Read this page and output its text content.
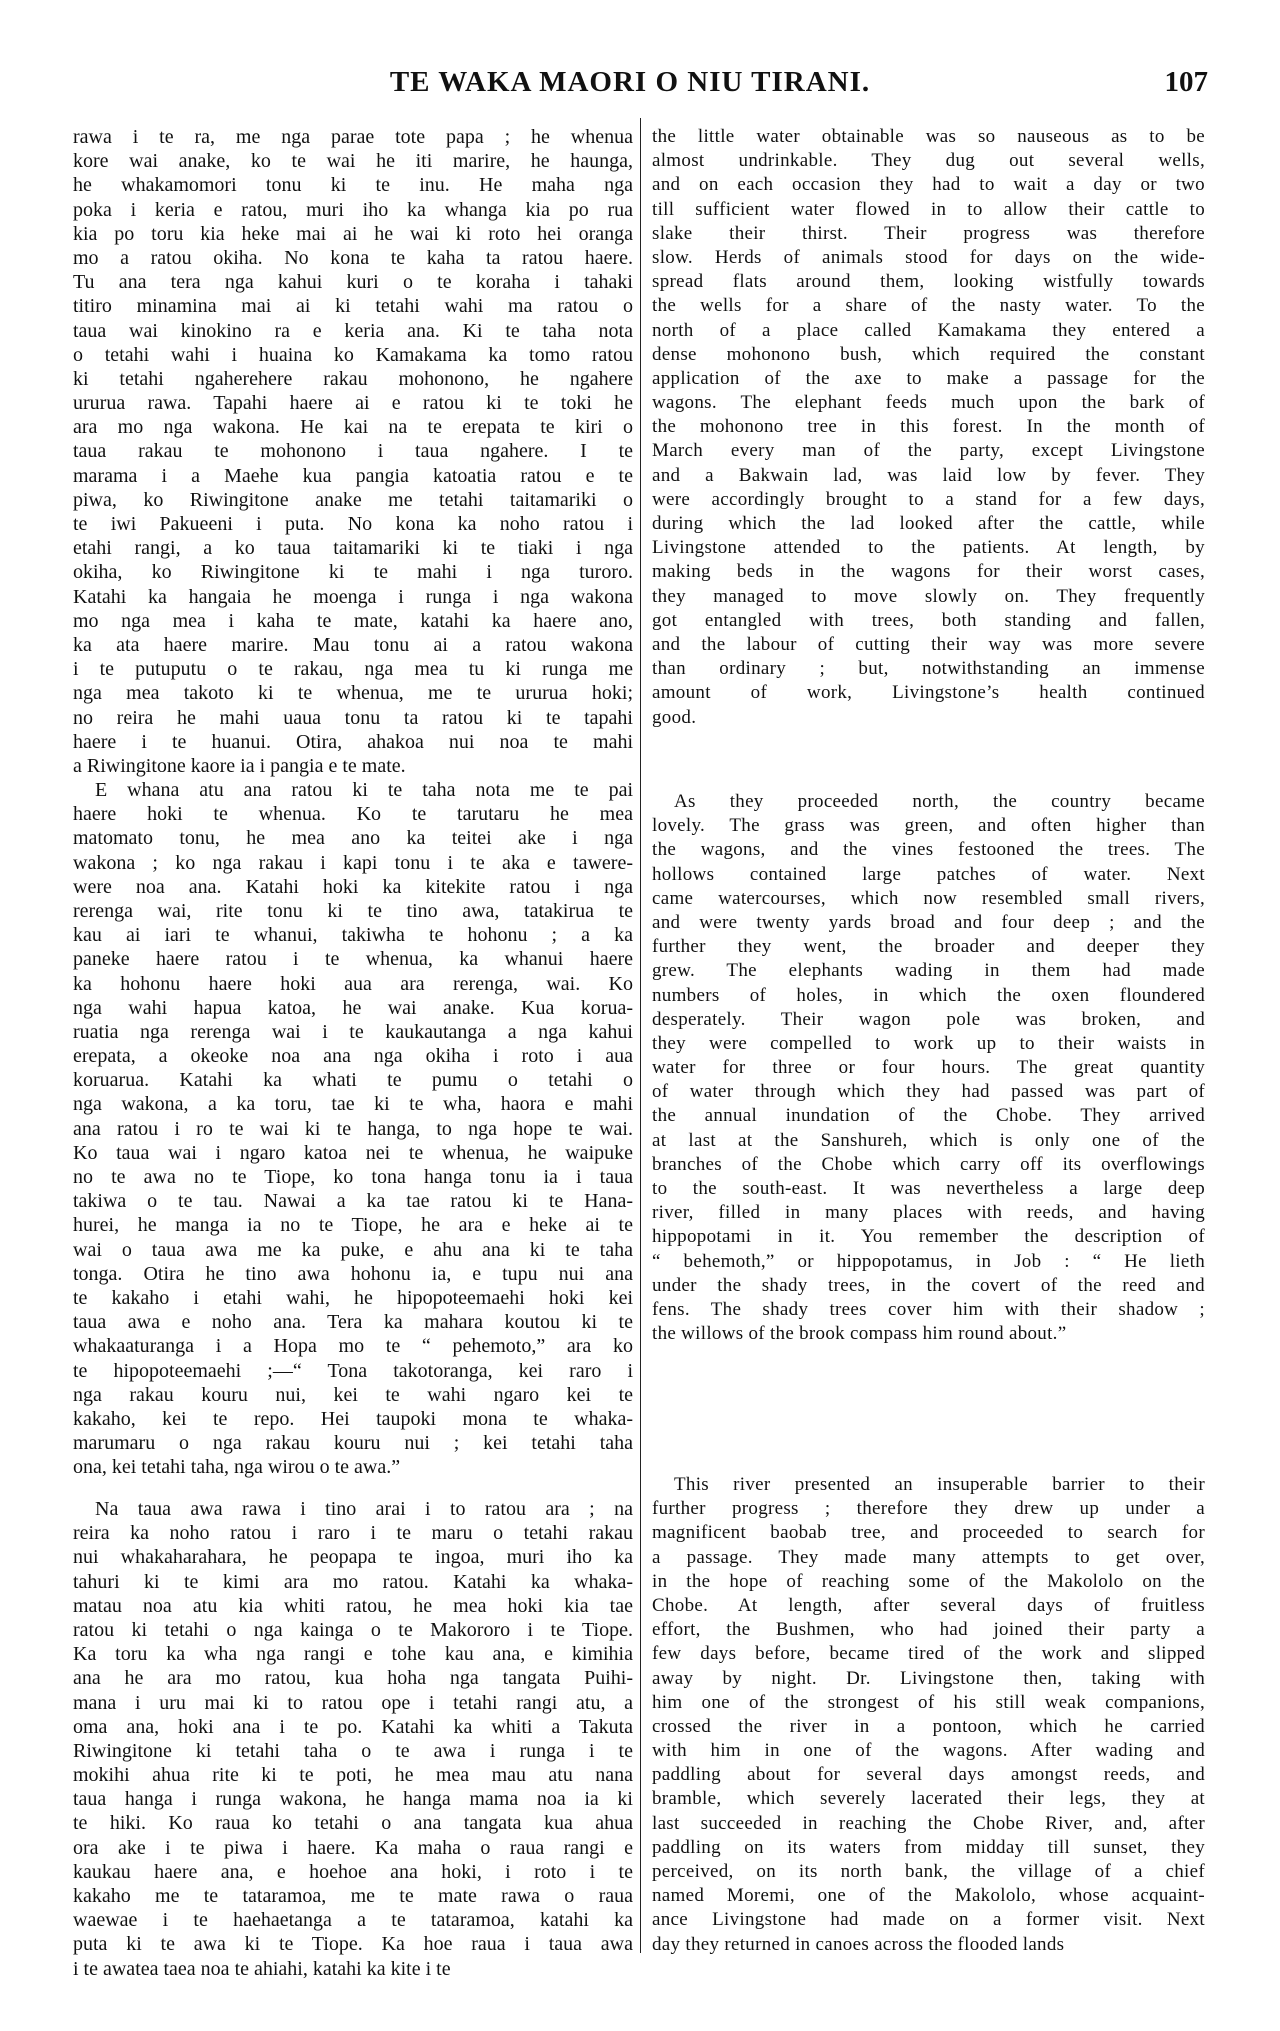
TE WAKA MAORI O NIU TIRANI.	107
rawa i te ra, me nga parae tote papa ; he whenua
kore wai anake, ko te wai he iti marire, he haunga,
he whakamomori tonu ki te inu. He maha nga
poka i keria e ratou, muri iho ka whanga kia po rua
kia po toru kia heke mai ai he wai ki roto hei oranga
mo a ratou okiha. No kona te kaha ta ratou haere.
Tu ana tera nga kahui kuri o te koraha i tahaki
titiro minamina mai ai ki tetahi wahi ma ratou o
taua wai kinokino ra e keria ana. Ki te taha nota
o tetahi wahi i huaina ko Kamakama ka tomo ratou
ki tetahi ngaherehere rakau mohonono, he ngahere
ururua rawa. Tapahi haere ai e ratou ki te toki he
ara mo nga wakona. He kai na te erepata te kiri o
taua rakau te mohonono i taua ngahere. I te
marama i a Maehe kua pangia katoatia ratou e te
piwa, ko Riwingitone anake me tetahi taitamariki o
te iwi Pakueeni i puta. No kona ka noho ratou i
etahi rangi, a ko taua taitamariki ki te tiaki i nga
okiha, ko Riwingitone ki te mahi i nga turoro.
Katahi ka hangaia he moenga i runga i nga wakona
mo nga mea i kaha te mate, katahi ka haere ano,
ka ata haere marire. Mau tonu ai a ratou wakona
i te putuputu o te rakau, nga mea tu ki runga me
nga mea takoto ki te whenua, me te ururua hoki;
no reira he mahi uaua tonu ta ratou ki te tapahi
haere i te huanui. Otira, ahakoa nui noa te mahi
a Riwingitone kaore ia i pangia e te mate.
E whana atu ana ratou ki te taha nota me te pai
haere hoki te whenua. Ko te tarutaru he mea
matomato tonu, he mea ano ka teitei ake i nga
wakona ; ko nga rakau i kapi tonu i te aka e tawere-
were noa ana. Katahi hoki ka kitekite ratou i nga
rerenga wai, rite tonu ki te tino awa, tatakirua te
kau ai iari te whanui, takiwha te hohonu ; a ka
paneke haere ratou i te whenua, ka whanui haere
ka hohonu haere hoki aua ara rerenga, wai. Ko
nga wahi hapua katoa, he wai anake. Kua korua-
ruatia nga rerenga wai i te kaukautanga a nga kahui
erepata, a okeoke noa ana nga okiha i roto i aua
koruarua. Katahi ka whati te pumu o tetahi o
nga wakona, a ka toru, tae ki te wha, haora e mahi
ana ratou i ro te wai ki te hanga, to nga hope te wai.
Ko taua wai i ngaro katoa nei te whenua, he waipuke
no te awa no te Tiope, ko tona hanga tonu ia i taua
takiwa o te tau. Nawai a ka tae ratou ki te Hana-
hurei, he manga ia no te Tiope, he ara e heke ai te
wai o taua awa me ka puke, e ahu ana ki te taha
tonga. Otira he tino awa hohonu ia, e tupu nui ana
te kakaho i etahi wahi, he hipopoteemaehi hoki kei
taua awa e noho ana. Tera ka mahara koutou ki te
whakaaturanga i a Hopa mo te “ pehemoto,” ara ko
te hipopoteemaehi ;—“ Tona takotoranga, kei raro i
nga rakau kouru nui, kei te wahi ngaro kei te
kakaho, kei te repo. Hei taupoki mona te whaka-
marumaru o nga rakau kouru nui ; kei tetahi taha
ona, kei tetahi taha, nga wirou o te awa.”
Na taua awa rawa i tino arai i to ratou ara ; na
reira ka noho ratou i raro i te maru o tetahi rakau
nui whakaharahara, he peopapa te ingoa, muri iho ka
tahuri ki te kimi ara mo ratou. Katahi ka whaka-
matau noa atu kia whiti ratou, he mea hoki kia tae
ratou ki tetahi o nga kainga o te Makororo i te Tiope.
Ka toru ka wha nga rangi e tohe kau ana, e kimihia
ana he ara mo ratou, kua hoha nga tangata Puihi-
mana i uru mai ki to ratou ope i tetahi rangi atu, a
oma ana, hoki ana i te po. Katahi ka whiti a Takuta
Riwingitone ki tetahi taha o te awa i runga i te
mokihi ahua rite ki te poti, he mea mau atu nana
taua hanga i runga wakona, he hanga mama noa ia ki
te hiki. Ko raua ko tetahi o ana tangata kua ahua
ora ake i te piwa i haere. Ka maha o raua rangi e
kaukau haere ana, e hoehoe ana hoki, i roto i te
kakaho me te tataramoa, me te mate rawa o raua
waewae i te haehaetanga a te tataramoa, katahi ka
puta ki te awa ki te Tiope. Ka hoe raua i taua awa
i te awatea taea noa te ahiahi, katahi ka kite i te
the little water obtainable was so nauseous as to be
almost undrinkable. They dug out several wells,
and on each occasion they had to wait a day or two
till sufficient water flowed in to allow their cattle to
slake their thirst. Their progress was therefore
slow. Herds of animals stood for days on the wide-
spread flats around them, looking wistfully towards
the wells for a share of the nasty water. To the
north of a place called Kamakama they entered a
dense mohonono bush, which required the constant
application of the axe to make a passage for the
wagons. The elephant feeds much upon the bark of
the mohonono tree in this forest. In the month of
March every man of the party, except Livingstone
and a Bakwain lad, was laid low by fever. They
were accordingly brought to a stand for a few days,
during which the lad looked after the cattle, while
Livingstone attended to the patients. At length, by
making beds in the wagons for their worst cases,
they managed to move slowly on. They frequently
got entangled with trees, both standing and fallen,
and the labour of cutting their way was more severe
than ordinary ; but, notwithstanding an immense
amount of work, Livingstone’s health continued
good.
As they proceeded north, the country became
lovely. The grass was green, and often higher than
the wagons, and the vines festooned the trees. The
hollows contained large patches of water. Next
came watercourses, which now resembled small rivers,
and were twenty yards broad and four deep ; and the
further they went, the broader and deeper they
grew. The elephants wading in them had made
numbers of holes, in which the oxen floundered
desperately. Their wagon pole was broken, and
they were compelled to work up to their waists in
water for three or four hours. The great quantity
of water through which they had passed was part of
the annual inundation of the Chobe. They arrived
at last at the Sanshureh, which is only one of the
branches of the Chobe which carry off its overflowings
to the south-east. It was nevertheless a large deep
river, filled in many places with reeds, and having
hippopotami in it. You remember the description of
“ behemoth,” or hippopotamus, in Job : “ He lieth
under the shady trees, in the covert of the reed and
fens. The shady trees cover him with their shadow ;
the willows of the brook compass him round about.”
This river presented an insuperable barrier to their
further progress ; therefore they drew up under a
magnificent baobab tree, and proceeded to search for
a passage. They made many attempts to get over,
in the hope of reaching some of the Makololo on the
Chobe. At length, after several days of fruitless
effort, the Bushmen, who had joined their party a
few days before, became tired of the work and slipped
away by night. Dr. Livingstone then, taking with
him one of the strongest of his still weak companions,
crossed the river in a pontoon, which he carried
with him in one of the wagons. After wading and
paddling about for several days amongst reeds, and
bramble, which severely lacerated their legs, they at
last succeeded in reaching the Chobe River, and, after
paddling on its waters from midday till sunset, they
perceived, on its north bank, the village of a chief
named Moremi, one of the Makololo, whose acquaint-
ance Livingstone had made on a former visit. Next
day they returned in canoes across the flooded lands
